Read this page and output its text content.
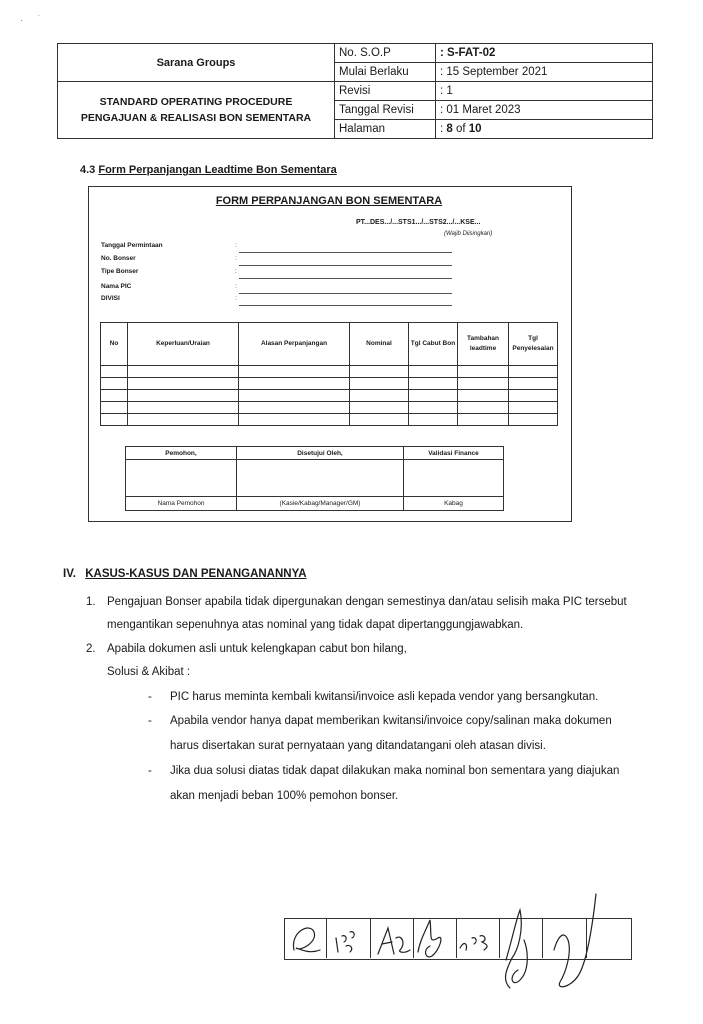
· ˙
Sarana Groups	No. S.O.P	: S-FAT-02
	Mulai Berlaku	: 15 September 2021

STANDARD OPERATING PROCEDURE
PENGAJUAN & REALISASI BON SEMENTARA	Revisi	: 1
	Tanggal Revisi	: 01 Maret 2023
	Halaman	: 8 of 10
4.3 Form Perpanjangan Leadtime Bon Sementara
FORM PERPANJANGAN BON SEMENTARA
PT...DES.../...STS1.../...STS2.../...KSE...
(Wajib Diisingkari)
Tanggal Permintaan	:
No. Bonser	:
Tipe Bonser	:
Nama PIC	:
DIVISI	:
No	Keperluan/Uraian	Alasan Perpanjangan	Nominal	Tgl Cabut Bon	Tambahan leadtime	Tgl Penyelesaian

Pemohon,	Disetujui Oleh,	Validasi Finance

Nama Pemohon	(Kasie/Kabag/Manager/GM)	Kabag
IV. KASUS-KASUS DAN PENANGANANNYA
1. Pengajuan Bonser apabila tidak dipergunakan dengan semestinya dan/atau selisih maka PIC tersebut
mengantikan sepenuhnya atas nominal yang tidak dapat dipertanggungjawabkan.
2. Apabila dokumen asli untuk kelengkapan cabut bon hilang,
Solusi & Akibat :
- PIC harus meminta kembali kwitansi/invoice asli kepada vendor yang bersangkutan.
- Apabila vendor hanya dapat memberikan kwitansi/invoice copy/salinan maka dokumen
harus disertakan surat pernyataan yang ditandatangani oleh atasan divisi.
- Jika dua solusi diatas tidak dapat dilakukan maka nominal bon sementara yang diajukan
akan menjadi beban 100% pemohon bonser.
